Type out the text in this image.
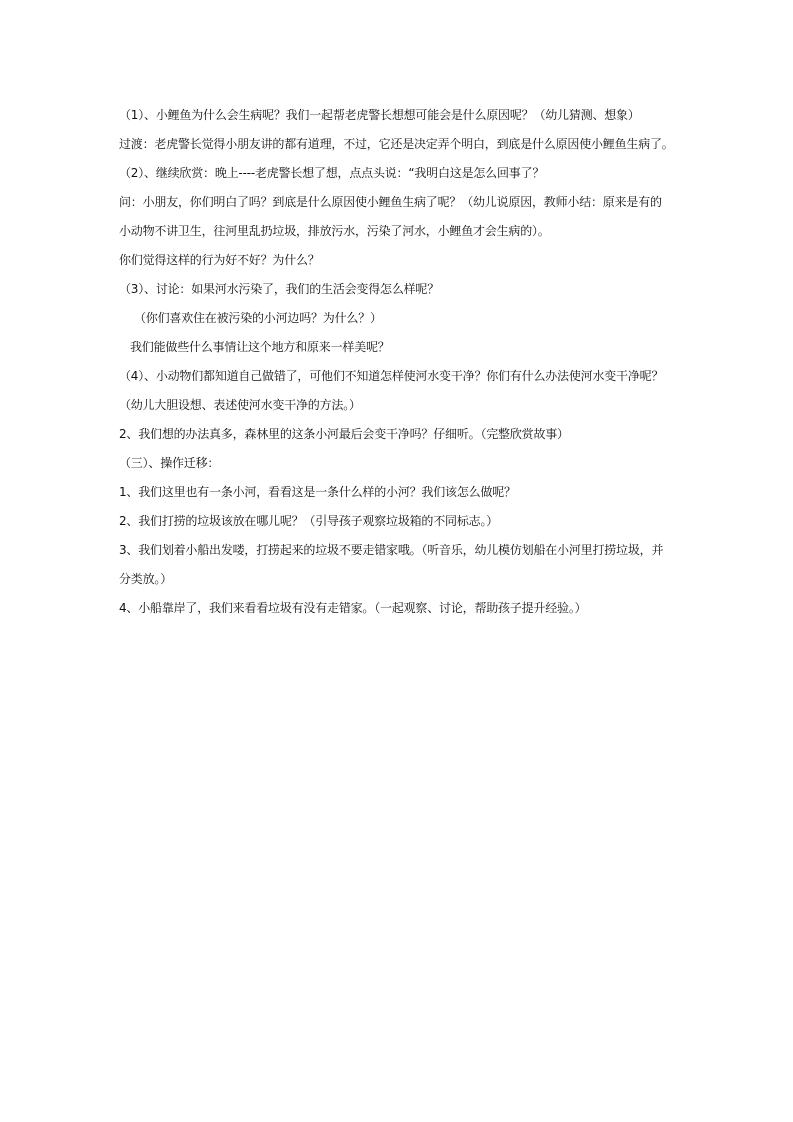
（1）、小鲤鱼为什么会生病呢？我们一起帮老虎警长想想可能会是什么原因呢？（幼儿猜测、想象）
过渡：老虎警长觉得小朋友讲的都有道理，不过，它还是决定弄个明白，到底是什么原因使小鲤鱼生病了。
（2）、继续欣赏：晚上----老虎警长想了想，点点头说：“我明白这是怎么回事了？
问：小朋友，你们明白了吗？到底是什么原因使小鲤鱼生病了呢？（幼儿说原因，教师小结：原来是有的
小动物不讲卫生，往河里乱扔垃圾，排放污水，污染了河水，小鲤鱼才会生病的）。
你们觉得这样的行为好不好？为什么？
（3）、讨论：如果河水污染了，我们的生活会变得怎么样呢？
（你们喜欢住在被污染的小河边吗？为什么？）
我们能做些什么事情让这个地方和原来一样美呢？
（4）、小动物们都知道自己做错了，可他们不知道怎样使河水变干净？你们有什么办法使河水变干净呢？
（幼儿大胆设想、表述使河水变干净的方法。）
2、我们想的办法真多，森林里的这条小河最后会变干净吗？仔细听。（完整欣赏故事）
（三）、操作迁移：
1、我们这里也有一条小河，看看这是一条什么样的小河？我们该怎么做呢？
2、我们打捞的垃圾该放在哪儿呢？（引导孩子观察垃圾箱的不同标志。）
3、我们划着小船出发喽，打捞起来的垃圾不要走错家哦。（听音乐，幼儿模仿划船在小河里打捞垃圾，并
分类放。）
4、小船靠岸了，我们来看看垃圾有没有走错家。（一起观察、讨论，帮助孩子提升经验。）
